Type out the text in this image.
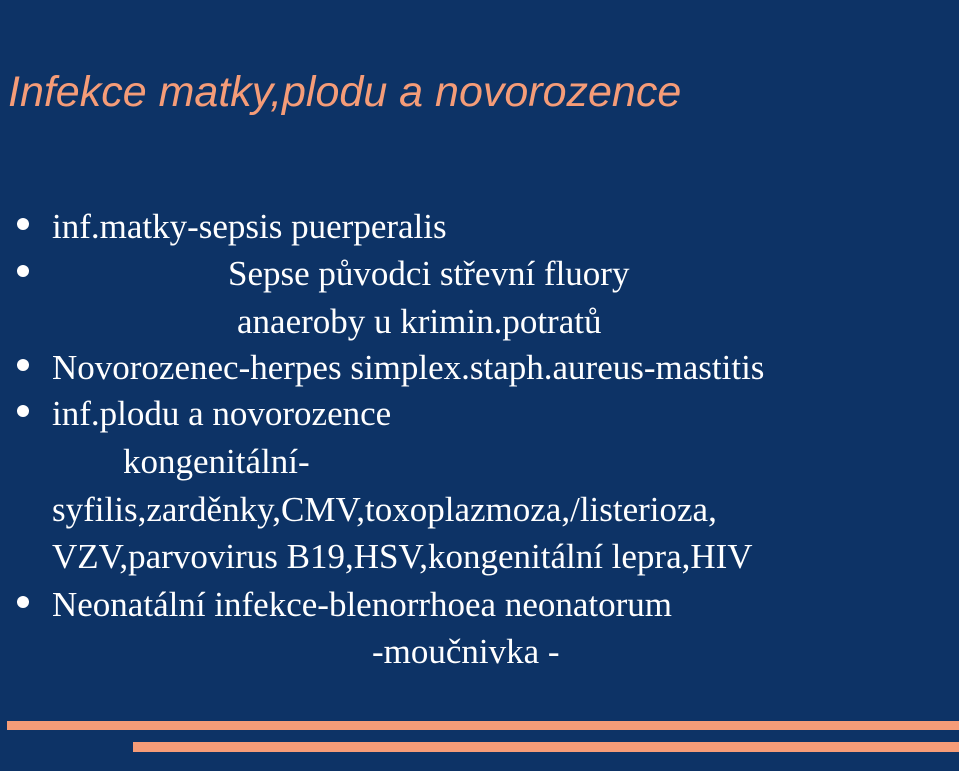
Infekce matky,plodu a novorozence

inf.matky-sepsis puerperalis

Sepse původci střevní fluory

anaeroby u krimin.potratů

Novorozenec-herpes simplex.staph.aureus-mastitis

inf.plodu a novorozence

kongenitální-

syfilis,zarděnky,CMV,toxoplazmoza,/listerioza,

VZV,parvovirus B19,HSV,kongenitální lepra,HIV

Neonatální infekce-blenorrhoea neonatorum

-moučnivka -
